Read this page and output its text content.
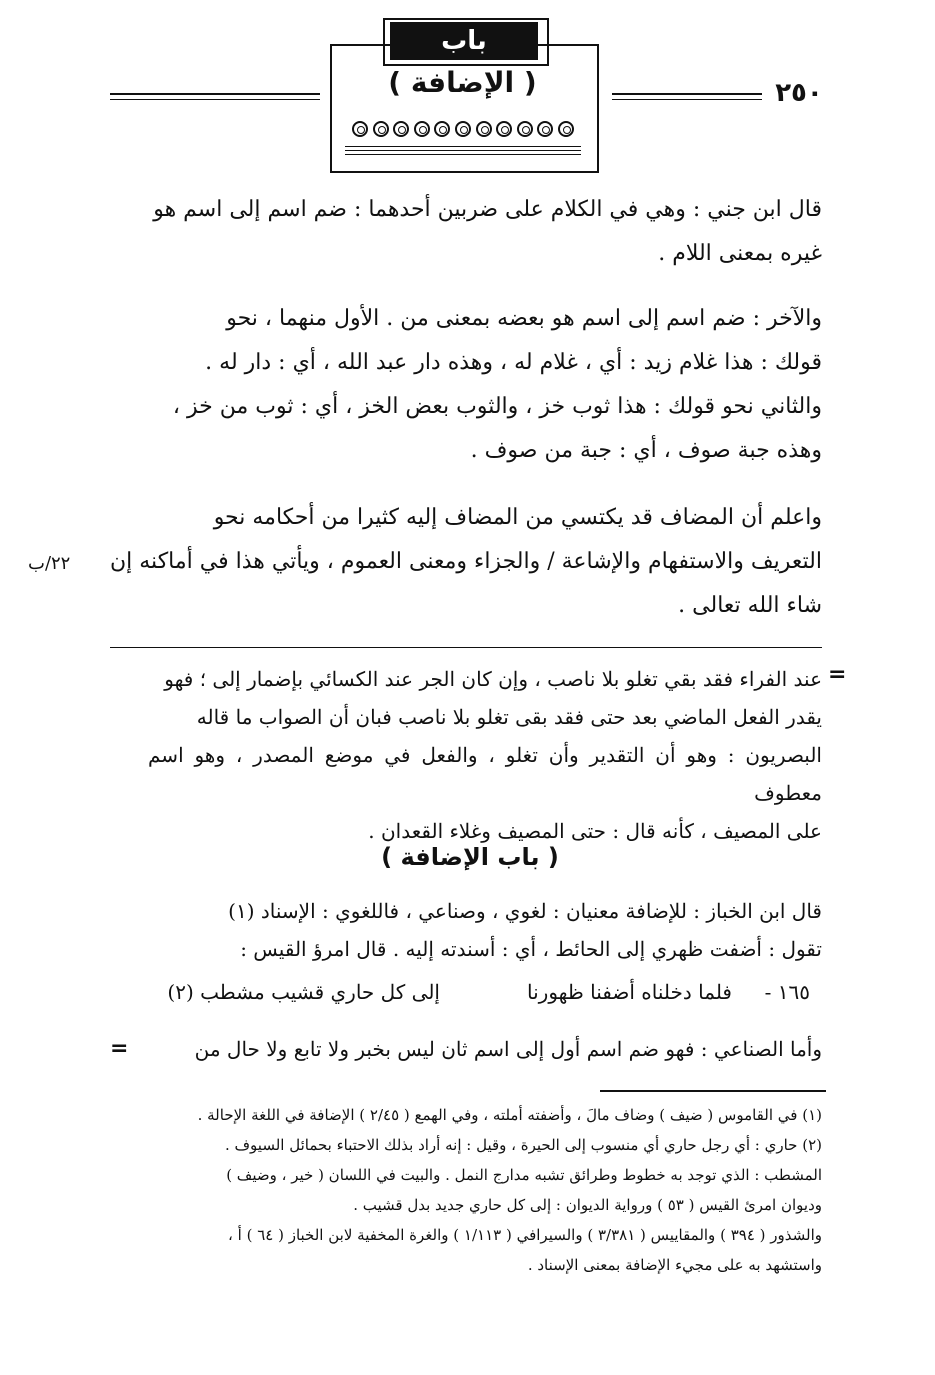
باب
( الإضافة )	٢٥٠
قال ابن جني : وهي في الكلام على ضربين أحدهما : ضم اسم إلى اسم هو
غيره بمعنى اللام .
والآخر : ضم اسم إلى اسم هو بعضه بمعنى من . الأول منهما ، نحو
قولك : هذا غلام زيد : أي ، غلام له ، وهذه دار عبد الله ، أي : دار له .
والثاني نحو قولك : هذا ثوب خز ، والثوب بعض الخز ، أي : ثوب من خز ،
وهذه جبة صوف ، أي : جبة من صوف .
واعلم أن المضاف قد يكتسي من المضاف إليه كثيرا من أحكامه نحو
التعريف والاستفهام والإشاعة / والجزاء ومعنى العموم ، ويأتي هذا في أماكنه إن
شاء الله تعالى .
٢٢/ب
=
عند الفراء فقد بقي تغلو بلا ناصب ، وإن كان الجر عند الكسائي بإضمار إلى ؛ فهو
يقدر الفعل الماضي بعد حتى فقد بقى تغلو بلا ناصب فبان أن الصواب ما قاله
البصريون : وهو أن التقدير وأن تغلو ، والفعل في موضع المصدر ، وهو اسم معطوف
على المصيف ، كأنه قال : حتى المصيف وغلاء القعدان .
( باب الإضافة )
قال ابن الخباز : للإضافة معنيان : لغوي ، وصناعي ، فاللغوي : الإسناد (١)
تقول : أضفت ظهري إلى الحائط ، أي : أسندته إليه . قال امرؤ القيس :
١٦٥ -
فلما دخلناه أضفنا ظهورنا
إلى كل حاري قشيب مشطب (٢)
وأما الصناعي : فهو ضم اسم أول إلى اسم ثان ليس بخبر ولا تابع ولا حال من
=
(١) في القاموس ( ضيف ) وضاف مالَ ، وأضفته أملته ، وفي الهمع ( ٢/٤٥ ) الإضافة في اللغة الإحالة .
(٢) حاري : أي رجل حاري أي منسوب إلى الحيرة ، وقيل : إنه أراد بذلك الاحتباء بحمائل السيوف .
المشطب : الذي توجد به خطوط وطرائق تشبه مدارج النمل . والبيت في اللسان ( خير ، وضيف )
وديوان امرئ القيس ( ٥٣ ) ورواية الديوان : إلى كل حاري جديد بدل قشيب .
والشذور ( ٣٩٤ ) والمقاييس ( ٣/٣٨١ ) والسيرافي ( ١/١١٣ ) والغرة المخفية لابن الخباز ( ٦٤ ) أ ،
واستشهد به على مجيء الإضافة بمعنى الإسناد .
